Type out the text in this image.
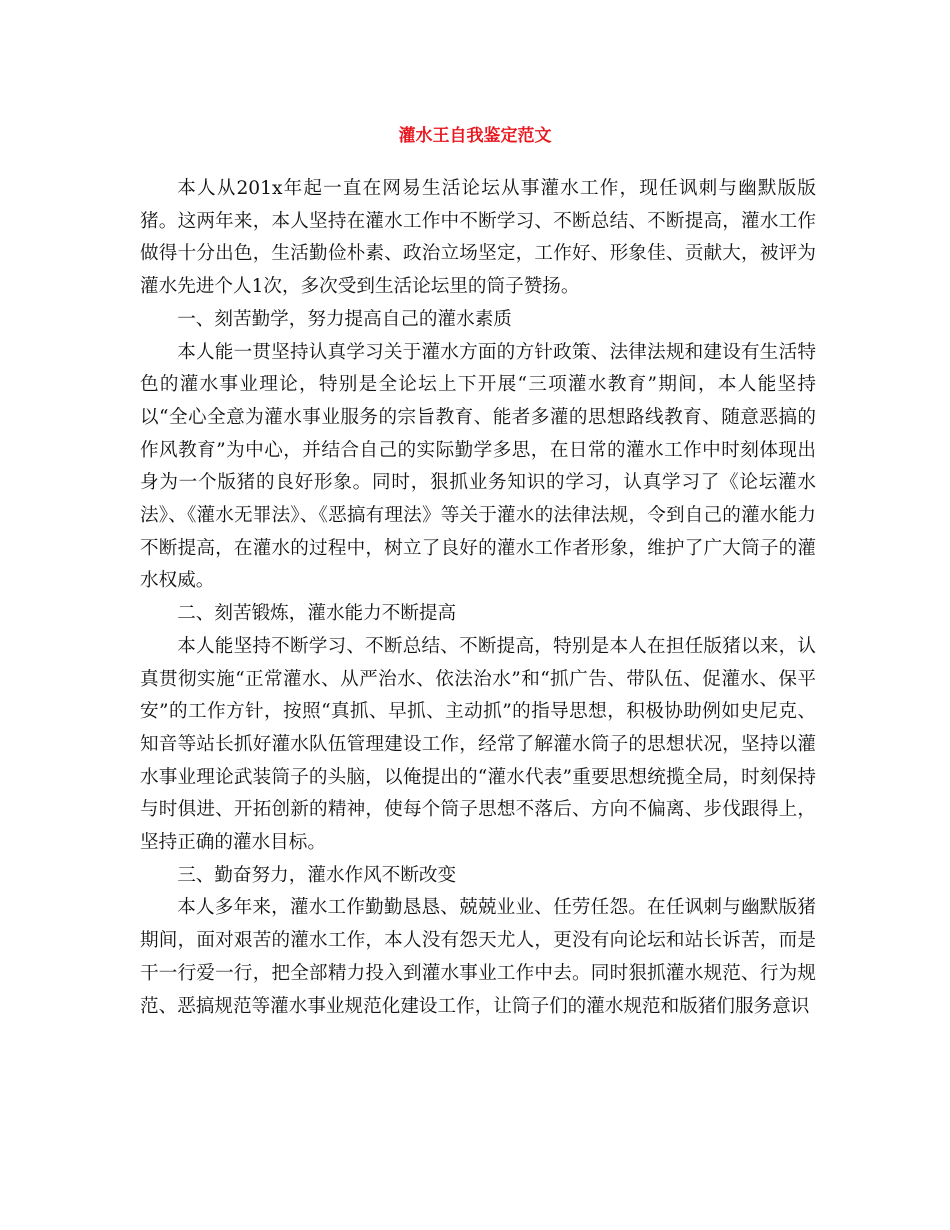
灌水王自我鉴定范文

本人从201x年起一直在网易生活论坛从事灌水工作，现任讽刺与幽默版版猪。这两年来，本人坚持在灌水工作中不断学习、不断总结、不断提高，灌水工作做得十分出色，生活勤俭朴素、政治立场坚定，工作好、形象佳、贡献大，被评为灌水先进个人1次，多次受到生活论坛里的筒子赞扬。

一、刻苦勤学，努力提高自己的灌水素质

本人能一贯坚持认真学习关于灌水方面的方针政策、法律法规和建设有生活特色的灌水事业理论，特别是全论坛上下开展“三项灌水教育”期间，本人能坚持以“全心全意为灌水事业服务的宗旨教育、能者多灌的思想路线教育、随意恶搞的作风教育”为中心，并结合自己的实际勤学多思，在日常的灌水工作中时刻体现出身为一个版猪的良好形象。同时，狠抓业务知识的学习，认真学习了《论坛灌水法》、《灌水无罪法》、《恶搞有理法》等关于灌水的法律法规，令到自己的灌水能力不断提高，在灌水的过程中，树立了良好的灌水工作者形象，维护了广大筒子的灌水权威。

二、刻苦锻炼，灌水能力不断提高

本人能坚持不断学习、不断总结、不断提高，特别是本人在担任版猪以来，认真贯彻实施“正常灌水、从严治水、依法治水”和“抓广告、带队伍、促灌水、保平安”的工作方针，按照“真抓、早抓、主动抓”的指导思想，积极协助例如史尼克、知音等站长抓好灌水队伍管理建设工作，经常了解灌水筒子的思想状况，坚持以灌水事业理论武装筒子的头脑，以俺提出的“灌水代表”重要思想统揽全局，时刻保持与时俱进、开拓创新的精神，使每个筒子思想不落后、方向不偏离、步伐跟得上，坚持正确的灌水目标。

三、勤奋努力，灌水作风不断改变

本人多年来，灌水工作勤勤恳恳、兢兢业业、任劳任怨。在任讽刺与幽默版猪期间，面对艰苦的灌水工作，本人没有怨天尤人，更没有向论坛和站长诉苦，而是干一行爱一行，把全部精力投入到灌水事业工作中去。同时狠抓灌水规范、行为规范、恶搞规范等灌水事业规范化建设工作，让筒子们的灌水规范和版猪们服务意识
